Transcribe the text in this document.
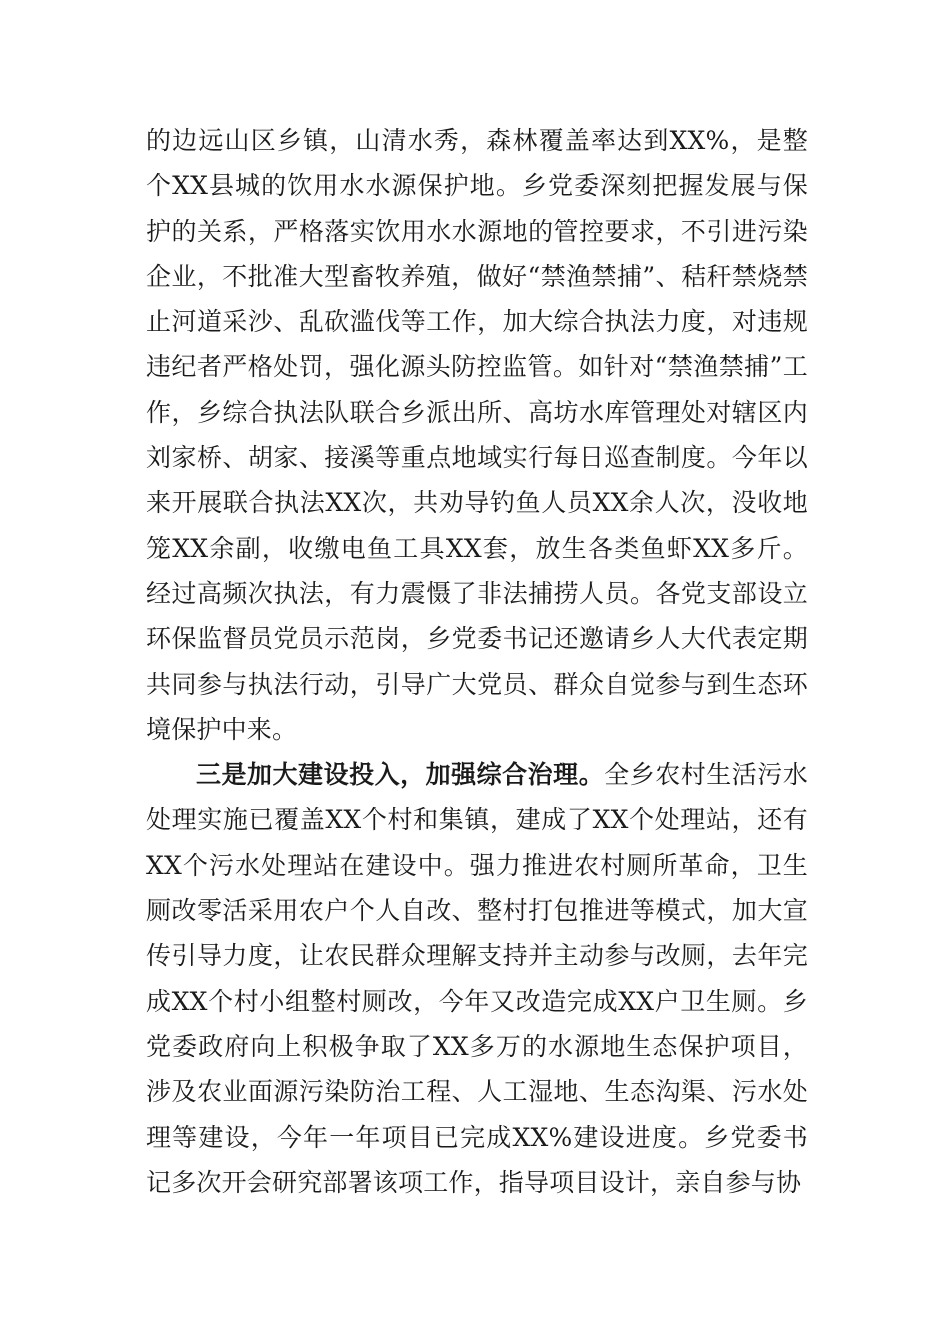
的边远山区乡镇，山清水秀，森林覆盖率达到XX%，是整个XX县城的饮用水水源保护地。乡党委深刻把握发展与保护的关系，严格落实饮用水水源地的管控要求，不引进污染企业，不批准大型畜牧养殖，做好“禁渔禁捕”、秸秆禁烧禁止河道采沙、乱砍滥伐等工作，加大综合执法力度，对违规违纪者严格处罚，强化源头防控监管。如针对“禁渔禁捕”工作，乡综合执法队联合乡派出所、高坊水库管理处对辖区内刘家桥、胡家、接溪等重点地域实行每日巡查制度。今年以来开展联合执法XX次，共劝导钓鱼人员XX余人次，没收地笼XX余副，收缴电鱼工具XX套，放生各类鱼虾XX多斤。经过高频次执法，有力震慑了非法捕捞人员。各党支部设立环保监督员党员示范岗，乡党委书记还邀请乡人大代表定期共同参与执法行动，引导广大党员、群众自觉参与到生态环境保护中来。

三是加大建设投入，加强综合治理。全乡农村生活污水处理实施已覆盖XX个村和集镇，建成了XX个处理站，还有XX个污水处理站在建设中。强力推进农村厕所革命，卫生厕改零活采用农户个人自改、整村打包推进等模式，加大宣传引导力度，让农民群众理解支持并主动参与改厕，去年完成XX个村小组整村厕改，今年又改造完成XX户卫生厕。乡党委政府向上积极争取了XX多万的水源地生态保护项目，涉及农业面源污染防治工程、人工湿地、生态沟渠、污水处理等建设，今年一年项目已完成XX%建设进度。乡党委书记多次开会研究部署该项工作，指导项目设计，亲自参与协
